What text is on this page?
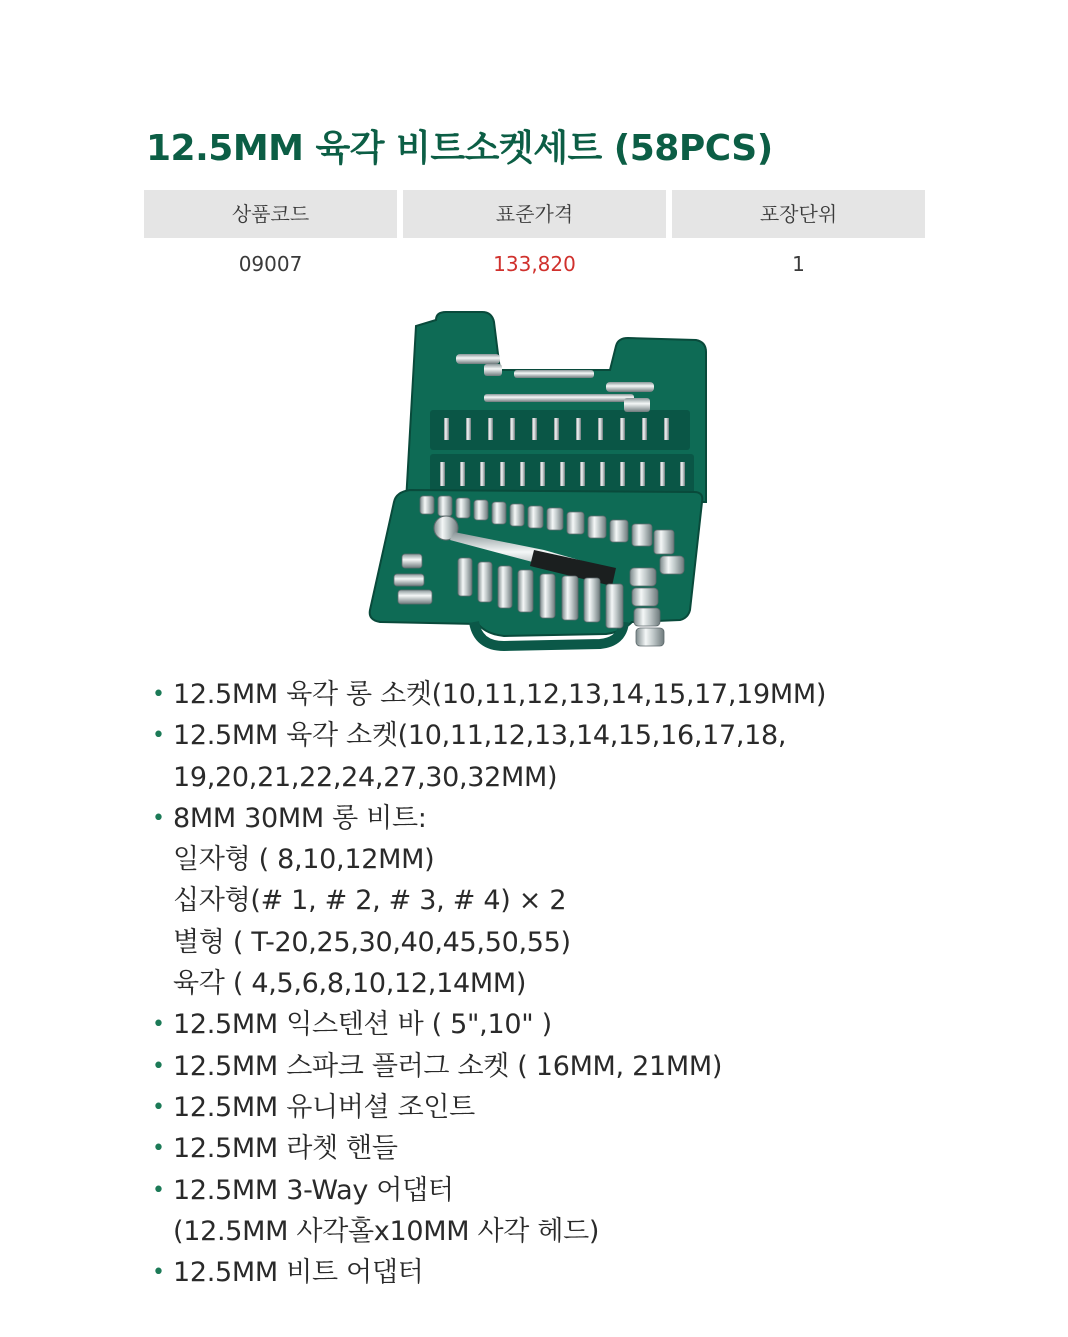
12.5MM 육각 비트소켓세트 (58PCS)
상품코드	표준가격	포장단위
09007	133,820	1
• 12.5MM 육각 롱 소켓(10,11,12,13,14,15,17,19MM)
• 12.5MM 육각 소켓(10,11,12,13,14,15,16,17,18,
19,20,21,22,24,27,30,32MM)
• 8MM 30MM 롱 비트:
일자형 ( 8,10,12MM)
십자형(# 1, # 2, # 3, # 4) × 2
별형 ( T-20,25,30,40,45,50,55)
육각 ( 4,5,6,8,10,12,14MM)
• 12.5MM 익스텐션 바 ( 5",10" )
• 12.5MM 스파크 플러그 소켓 ( 16MM, 21MM)
• 12.5MM 유니버셜 조인트
• 12.5MM 라쳇 핸들
• 12.5MM 3-Way 어댑터
(12.5MM 사각홀x10MM 사각 헤드)
• 12.5MM 비트 어댑터
